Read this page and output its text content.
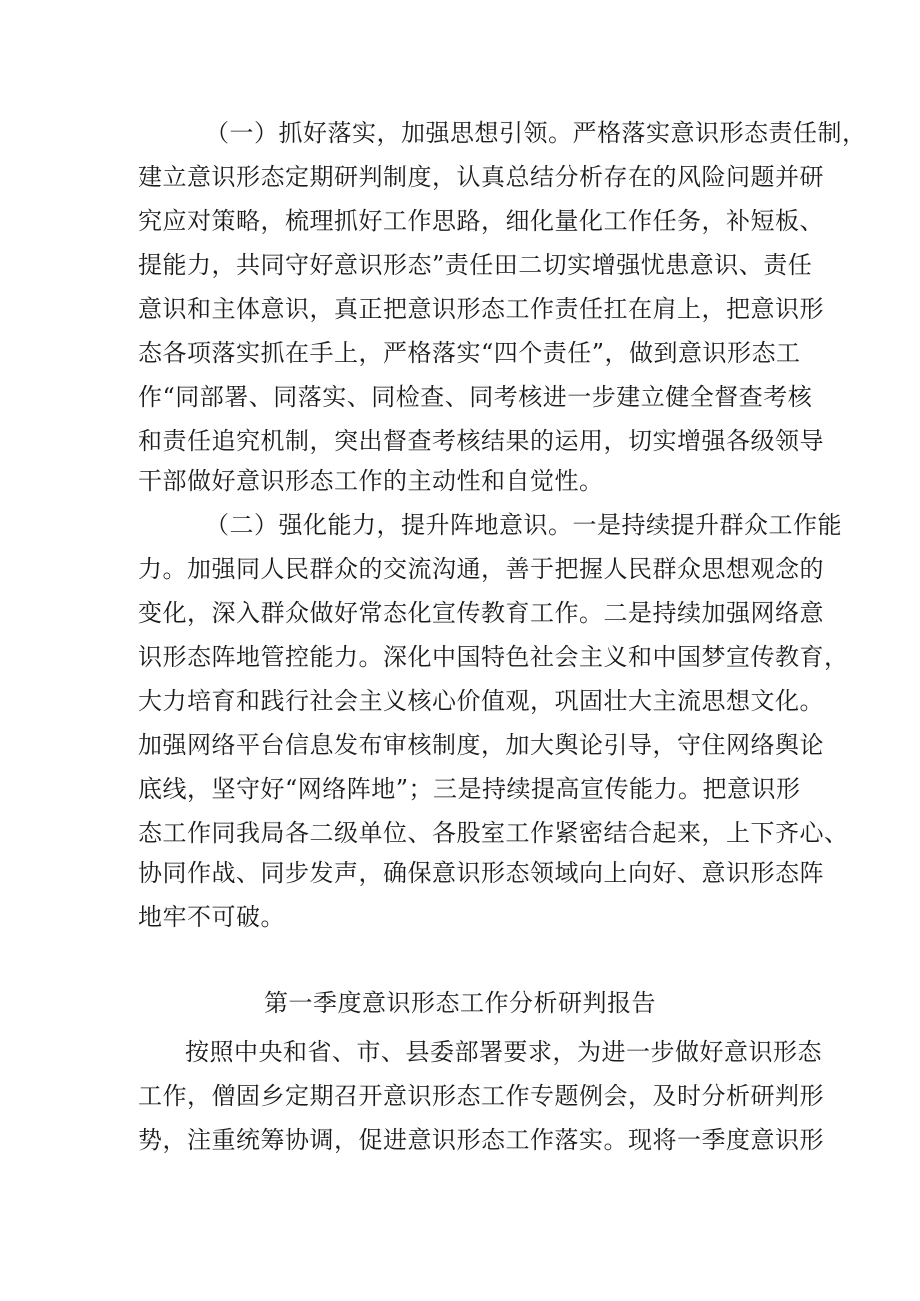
（一）抓好落实，加强思想引领。严格落实意识形态责任制，
建立意识形态定期研判制度，认真总结分析存在的风险问题并研
究应对策略，梳理抓好工作思路，细化量化工作任务，补短板、
提能力，共同守好意识形态”责任田二切实增强忧患意识、责任
意识和主体意识，真正把意识形态工作责任扛在肩上，把意识形
态各项落实抓在手上，严格落实“四个责任”，做到意识形态工
作“同部署、同落实、同检查、同考核进一步建立健全督查考核
和责任追究机制，突出督查考核结果的运用，切实增强各级领导
干部做好意识形态工作的主动性和自觉性。
（二）强化能力，提升阵地意识。一是持续提升群众工作能
力。加强同人民群众的交流沟通，善于把握人民群众思想观念的
变化，深入群众做好常态化宣传教育工作。二是持续加强网络意
识形态阵地管控能力。深化中国特色社会主义和中国梦宣传教育，
大力培育和践行社会主义核心价值观，巩固壮大主流思想文化。
加强网络平台信息发布审核制度，加大舆论引导，守住网络舆论
底线，坚守好“网络阵地”；三是持续提高宣传能力。把意识形
态工作同我局各二级单位、各股室工作紧密结合起来，上下齐心、
协同作战、同步发声，确保意识形态领域向上向好、意识形态阵
地牢不可破。
第一季度意识形态工作分析研判报告
按照中央和省、市、县委部署要求，为进一步做好意识形态
工作，僧固乡定期召开意识形态工作专题例会，及时分析研判形
势，注重统筹协调，促进意识形态工作落实。现将一季度意识形
